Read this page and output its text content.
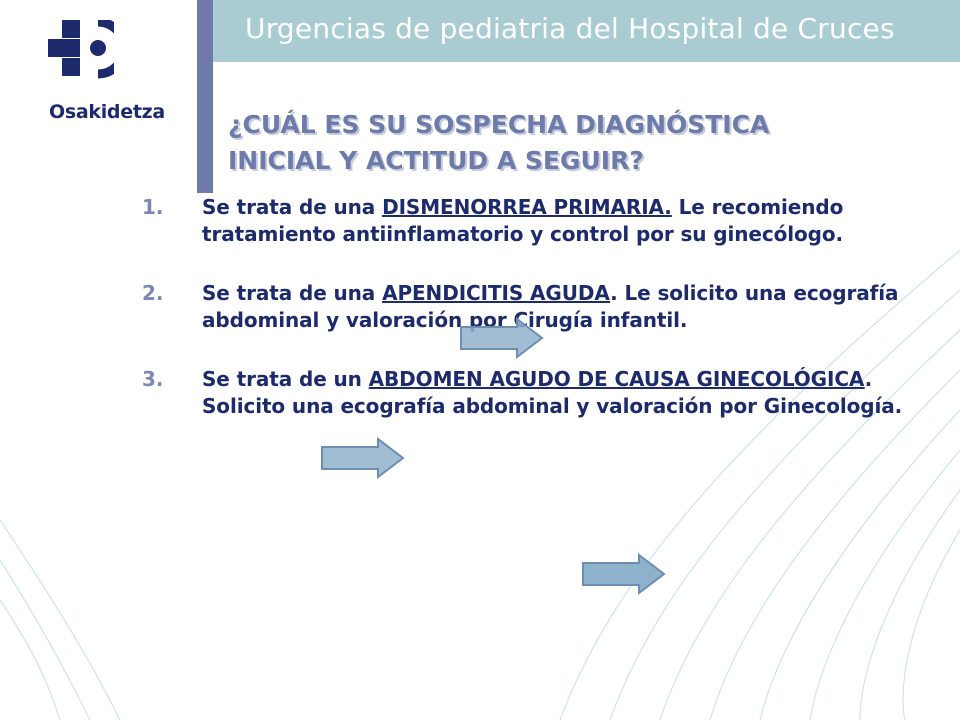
Urgencias de pediatria del Hospital de Cruces
Osakidetza	¿CUÁL ES SU SOSPECHA DIAGNÓSTICA
INICIAL Y ACTITUD A SEGUIR?
1.	Se trata de una DISMENORREA PRIMARIA. Le recomiendo tratamiento antiinflamatorio y control por su ginecólogo.
2.	Se trata de una APENDICITIS AGUDA. Le solicito una ecografía abdominal y valoración por Cirugía infantil.
3.	Se trata de un ABDOMEN AGUDO DE CAUSA GINECOLÓGICA. Solicito una ecografía abdominal y valoración por Ginecología.
